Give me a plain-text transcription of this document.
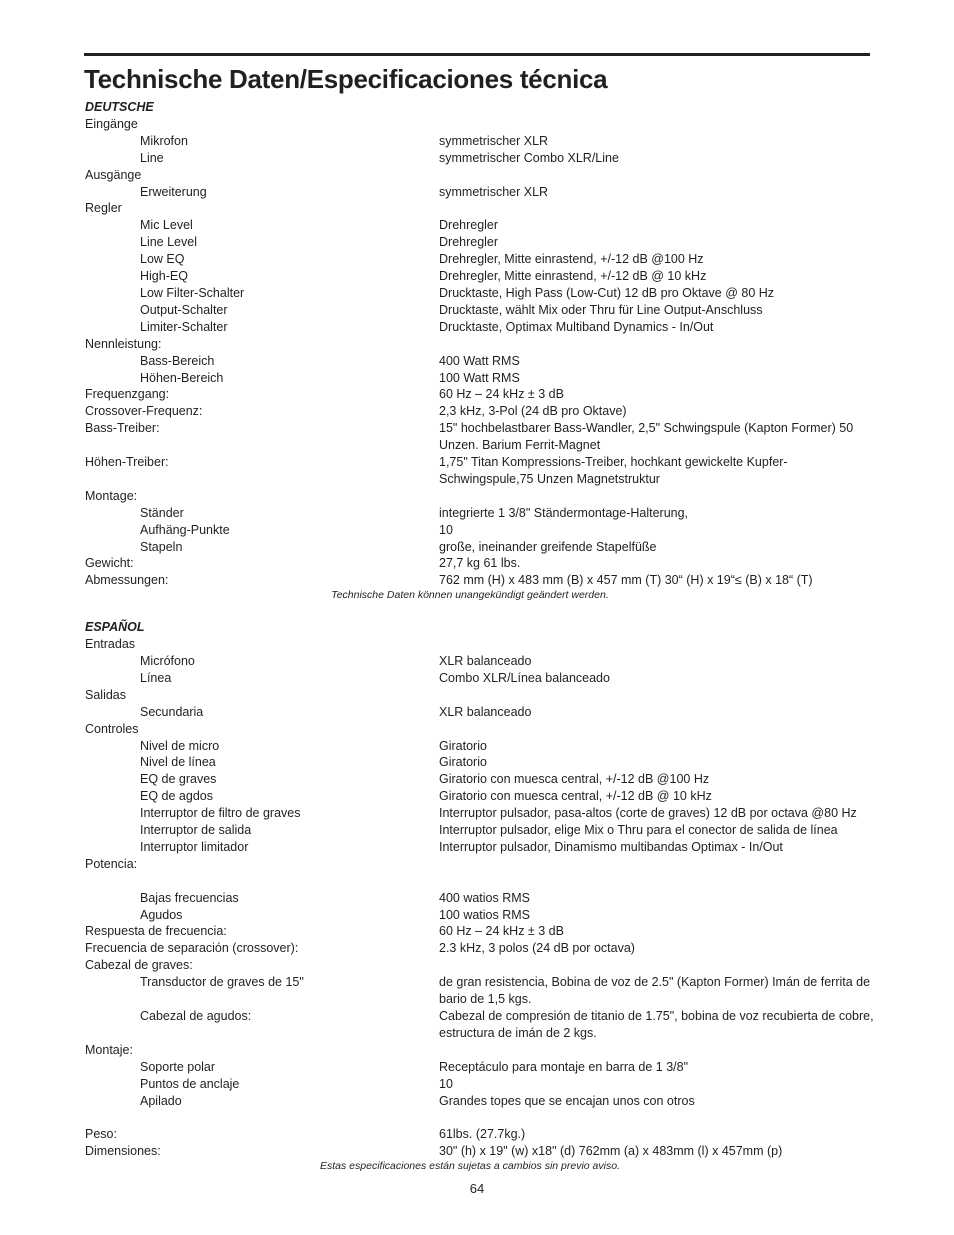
Technische Daten/Especificaciones técnica
DEUTSCHE
Eingänge
Mikrofon	symmetrischer XLR
Line	symmetrischer Combo XLR/Line
Ausgänge
Erweiterung	symmetrischer XLR
Regler
Mic Level	Drehregler
Line Level	Drehregler
Low EQ	Drehregler, Mitte einrastend, +/-12 dB @100 Hz
High-EQ	Drehregler, Mitte einrastend, +/-12 dB @ 10 kHz
Low Filter-Schalter	Drucktaste, High Pass (Low-Cut) 12 dB pro Oktave @ 80 Hz
Output-Schalter	Drucktaste, wählt Mix oder Thru für Line Output-Anschluss
Limiter-Schalter	Drucktaste, Optimax Multiband Dynamics - In/Out
Nennleistung:
Bass-Bereich	400 Watt RMS
Höhen-Bereich	100 Watt RMS
Frequenzgang:	60 Hz – 24 kHz ± 3 dB
Crossover-Frequenz:	2,3 kHz, 3-Pol (24 dB pro Oktave)
Bass-Treiber:	15" hochbelastbarer Bass-Wandler, 2,5" Schwingspule (Kapton Former) 50 Unzen. Barium Ferrit-Magnet
Höhen-Treiber:	1,75" Titan Kompressions-Treiber, hochkant gewickelte Kupfer-Schwingspule,75 Unzen Magnetstruktur
Montage:
Ständer	integrierte 1 3/8" Ständermontage-Halterung,
Aufhäng-Punkte	10
Stapeln	große, ineinander greifende Stapelfüße
Gewicht:	27,7 kg 61 lbs.
Abmessungen:	762 mm (H) x 483 mm (B) x 457 mm (T) 30“ (H) x 19“≤ (B) x 18“ (T)
Technische Daten können unangekündigt geändert werden.
ESPAÑOL
Entradas
Micrófono	XLR balanceado
Línea	Combo XLR/Línea balanceado
Salidas
Secundaria	XLR balanceado
Controles
Nivel de micro	Giratorio
Nivel de línea	Giratorio
EQ de graves	Giratorio con muesca central, +/-12 dB @100 Hz
EQ de agdos	Giratorio con muesca central, +/-12 dB @ 10 kHz
Interruptor de filtro de graves	Interruptor pulsador, pasa-altos (corte de graves) 12 dB por octava @80 Hz
Interruptor de salida	Interruptor pulsador, elige Mix o Thru para el conector de salida de línea
Interruptor limitador	Interruptor pulsador, Dinamismo multibandas Optimax - In/Out
Potencia:
Bajas frecuencias	400 watios RMS
Agudos	100 watios RMS
Respuesta de frecuencia:	60 Hz – 24 kHz ± 3 dB
Frecuencia de separación (crossover):	2.3 kHz, 3 polos (24 dB por octava)
Cabezal de graves:
Transductor de graves de 15"	de gran resistencia, Bobina de voz de 2.5" (Kapton Former) Imán de ferrita de bario de 1,5 kgs.
Cabezal de agudos:	Cabezal de compresión de titanio de 1.75", bobina de voz recubierta de cobre, estructura de imán de 2 kgs.
Montaje:
Soporte polar	Receptáculo para montaje en barra de 1 3/8"
Puntos de anclaje	10
Apilado	Grandes topes que se encajan unos con otros
Peso:	61lbs. (27.7kg.)
Dimensiones:	30" (h) x 19" (w) x18" (d) 762mm (a) x 483mm (l) x 457mm (p)
Estas especificaciones están sujetas a cambios sin previo aviso.
64
